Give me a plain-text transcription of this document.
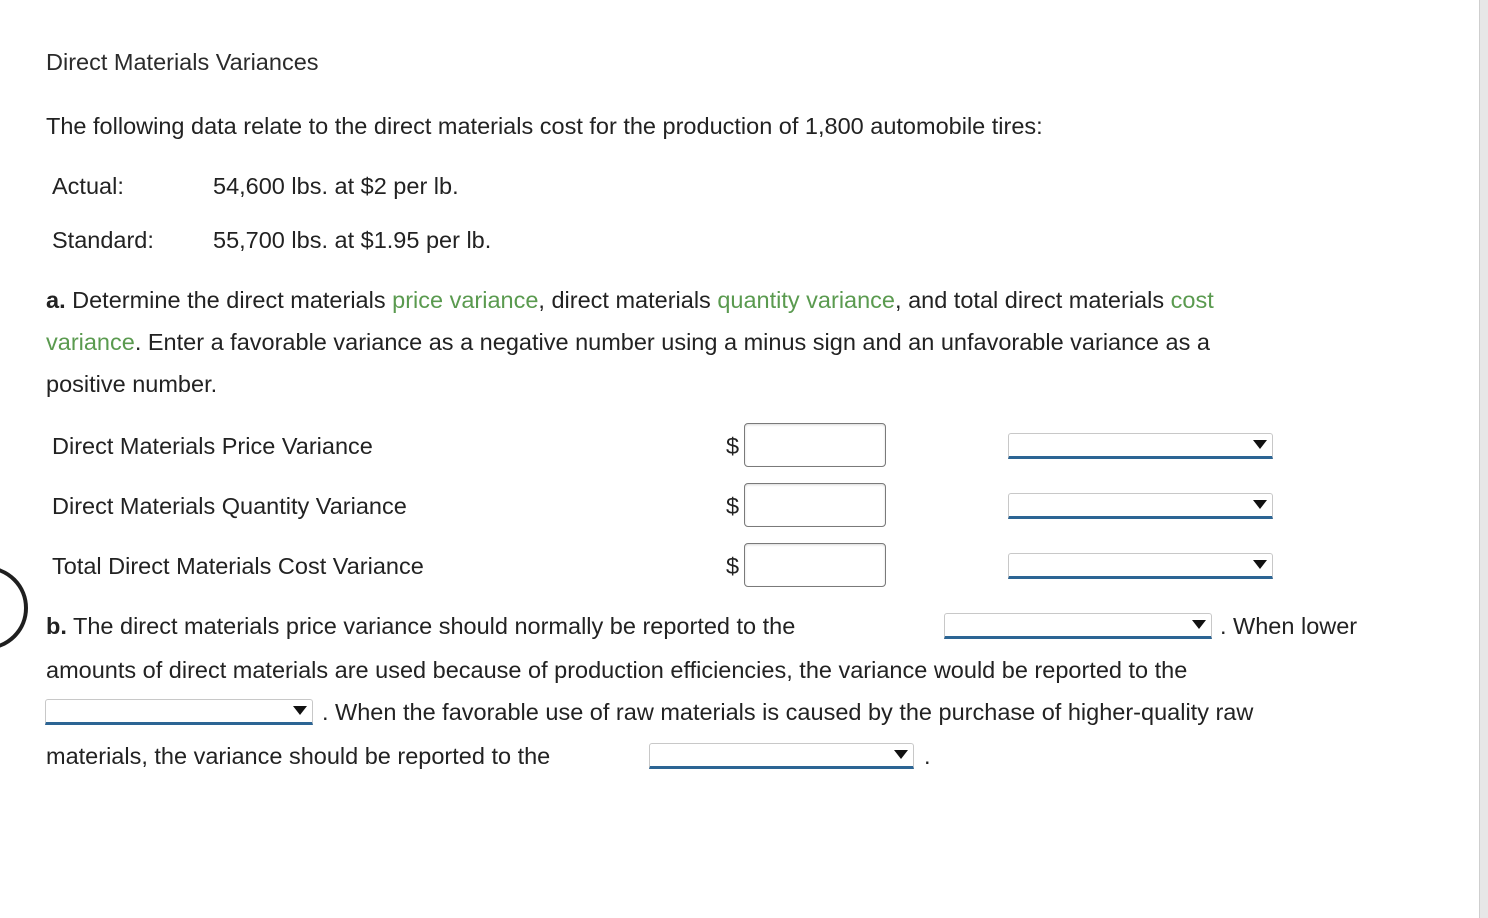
Direct Materials Variances
The following data relate to the direct materials cost for the production of 1,800 automobile tires:
Actual:	54,600 lbs. at $2 per lb.
Standard:	55,700 lbs. at $1.95 per lb.
a. Determine the direct materials price variance, direct materials quantity variance, and total direct materials cost
variance. Enter a favorable variance as a negative number using a minus sign and an unfavorable variance as a
positive number.
Direct Materials Price Variance	$
Direct Materials Quantity Variance	$
Total Direct Materials Cost Variance	$
b. The direct materials price variance should normally be reported to the	. When lower
amounts of direct materials are used because of production efficiencies, the variance would be reported to the
. When the favorable use of raw materials is caused by the purchase of higher-quality raw
materials, the variance should be reported to the	.
